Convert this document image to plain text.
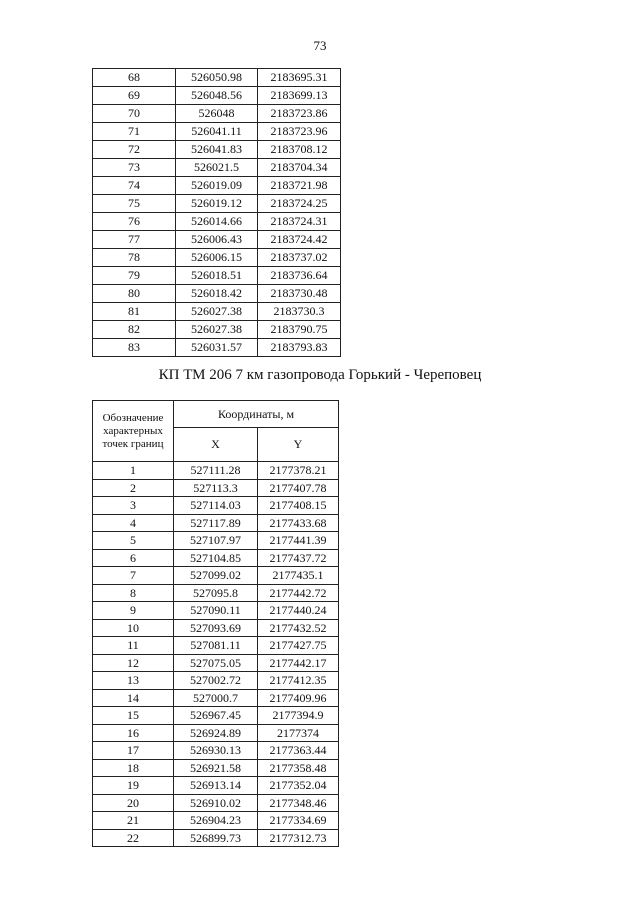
73
68	526050.98	2183695.31
69	526048.56	2183699.13
70	526048	2183723.86
71	526041.11	2183723.96
72	526041.83	2183708.12
73	526021.5	2183704.34
74	526019.09	2183721.98
75	526019.12	2183724.25
76	526014.66	2183724.31
77	526006.43	2183724.42
78	526006.15	2183737.02
79	526018.51	2183736.64
80	526018.42	2183730.48
81	526027.38	2183730.3
82	526027.38	2183790.75
83	526031.57	2183793.83
КП ТМ 206 7 км газопровода Горький - Череповец
Обозначение характерных точек границ	Координаты, м	
	X	Y
1	527111.28	2177378.21
2	527113.3	2177407.78
3	527114.03	2177408.15
4	527117.89	2177433.68
5	527107.97	2177441.39
6	527104.85	2177437.72
7	527099.02	2177435.1
8	527095.8	2177442.72
9	527090.11	2177440.24
10	527093.69	2177432.52
11	527081.11	2177427.75
12	527075.05	2177442.17
13	527002.72	2177412.35
14	527000.7	2177409.96
15	526967.45	2177394.9
16	526924.89	2177374
17	526930.13	2177363.44
18	526921.58	2177358.48
19	526913.14	2177352.04
20	526910.02	2177348.46
21	526904.23	2177334.69
22	526899.73	2177312.73
